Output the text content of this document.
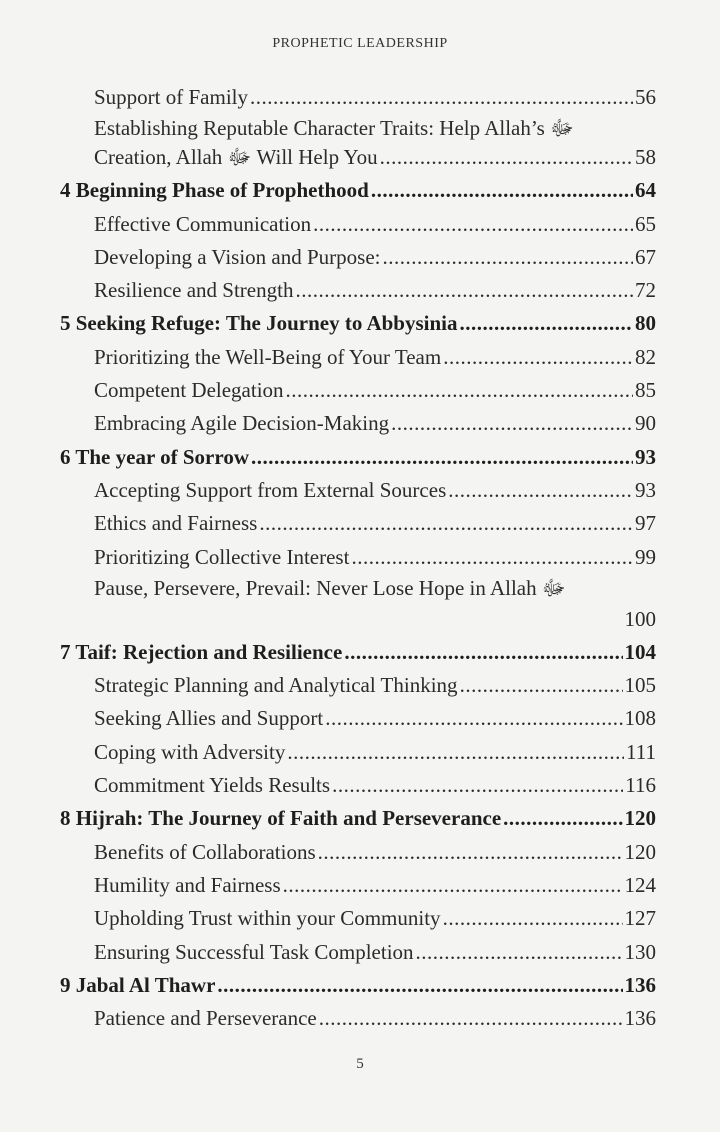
PROPHETIC LEADERSHIP
Support of Family .....	56
Establishing Reputable Character Traits: Help Allah’s ﷻ
Creation, Allah ﷻ Will Help You .....	58
4 Beginning Phase of Prophethood .....	64
Effective Communication .....	65
Developing a Vision and Purpose: .....	67
Resilience and Strength .....	72
5 Seeking Refuge: The Journey to Abbysinia .....	80
Prioritizing the Well-Being of Your Team .....	82
Competent Delegation .....	85
Embracing Agile Decision-Making .....	90
6 The year of Sorrow .....	93
Accepting Support from External Sources .....	93
Ethics and Fairness .....	97
Prioritizing Collective Interest .....	99
Pause, Persevere, Prevail: Never Lose Hope in Allah ﷻ
100
7 Taif: Rejection and Resilience .....	104
Strategic Planning and Analytical Thinking .....	105
Seeking Allies and Support .....	108
Coping with Adversity .....	111
Commitment Yields Results .....	116
8 Hijrah: The Journey of Faith and Perseverance .....	120
Benefits of Collaborations .....	120
Humility and Fairness .....	124
Upholding Trust within your Community .....	127
Ensuring Successful Task Completion .....	130
9 Jabal Al Thawr .....	136
Patience and Perseverance .....	136
5
